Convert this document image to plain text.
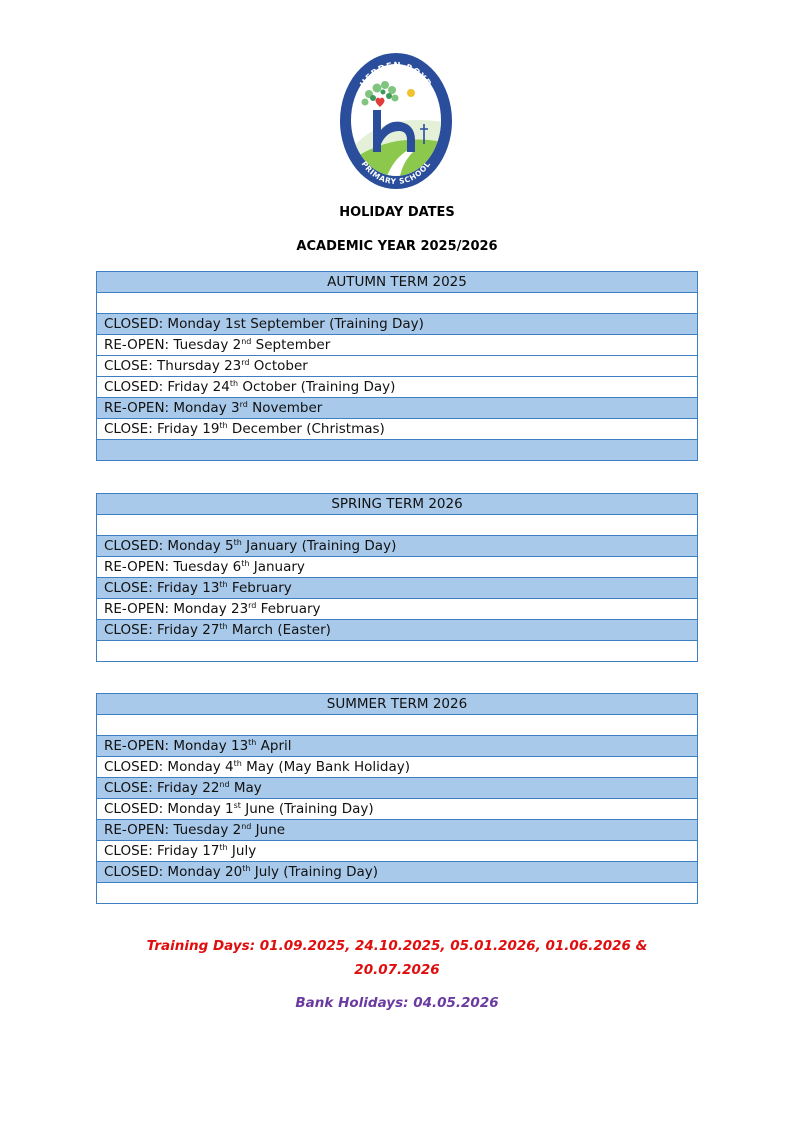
HEBDEN ROYD
PRIMARY SCHOOL
CofE
HOLIDAY DATES
ACADEMIC YEAR 2025/2026
AUTUMN TERM 2025

CLOSED: Monday 1st September (Training Day)
RE-OPEN: Tuesday 2nd September
CLOSE: Thursday 23rd October
CLOSED: Friday 24th October (Training Day)
RE-OPEN: Monday 3rd November
CLOSE: Friday 19th December (Christmas)

SPRING TERM 2026

CLOSED: Monday 5th January (Training Day)
RE-OPEN: Tuesday 6th January
CLOSE: Friday 13th February
RE-OPEN: Monday 23rd February
CLOSE: Friday 27th March (Easter)

SUMMER TERM 2026

RE-OPEN: Monday 13th April
CLOSED: Monday 4th May (May Bank Holiday)
CLOSE: Friday 22nd May
CLOSED: Monday 1st June (Training Day)
RE-OPEN: Tuesday 2nd June
CLOSE: Friday 17th July
CLOSED: Monday 20th July (Training Day)

Training Days: 01.09.2025, 24.10.2025, 05.01.2026, 01.06.2026 & 20.07.2026
Bank Holidays: 04.05.2026
